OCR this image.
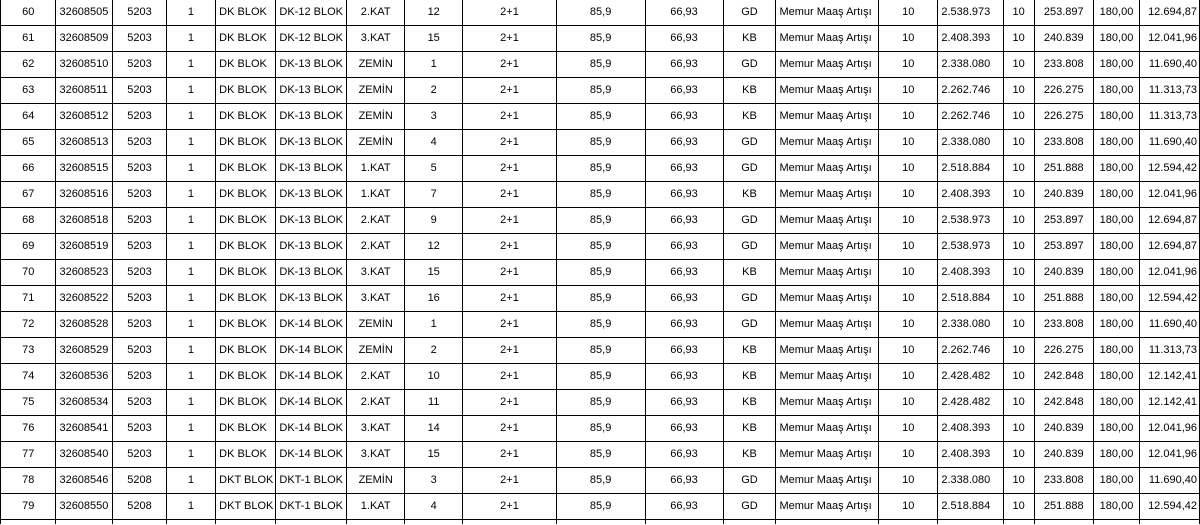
60	32608505	5203	1	DK BLOK	DK-12 BLOK	2.KAT	12	2+1	85,9	66,93	GD	Memur Maaş Artışı	10	2.538.973	10	253.897	180,00	12.694,87
61	32608509	5203	1	DK BLOK	DK-12 BLOK	3.KAT	15	2+1	85,9	66,93	KB	Memur Maaş Artışı	10	2.408.393	10	240.839	180,00	12.041,96
62	32608510	5203	1	DK BLOK	DK-13 BLOK	ZEMİN	1	2+1	85,9	66,93	GD	Memur Maaş Artışı	10	2.338.080	10	233.808	180,00	11.690,40
63	32608511	5203	1	DK BLOK	DK-13 BLOK	ZEMİN	2	2+1	85,9	66,93	KB	Memur Maaş Artışı	10	2.262.746	10	226.275	180,00	11.313,73
64	32608512	5203	1	DK BLOK	DK-13 BLOK	ZEMİN	3	2+1	85,9	66,93	KB	Memur Maaş Artışı	10	2.262.746	10	226.275	180,00	11.313,73
65	32608513	5203	1	DK BLOK	DK-13 BLOK	ZEMİN	4	2+1	85,9	66,93	GD	Memur Maaş Artışı	10	2.338.080	10	233.808	180,00	11.690,40
66	32608515	5203	1	DK BLOK	DK-13 BLOK	1.KAT	5	2+1	85,9	66,93	GD	Memur Maaş Artışı	10	2.518.884	10	251.888	180,00	12.594,42
67	32608516	5203	1	DK BLOK	DK-13 BLOK	1.KAT	7	2+1	85,9	66,93	KB	Memur Maaş Artışı	10	2.408.393	10	240.839	180,00	12.041,96
68	32608518	5203	1	DK BLOK	DK-13 BLOK	2.KAT	9	2+1	85,9	66,93	GD	Memur Maaş Artışı	10	2.538.973	10	253.897	180,00	12.694,87
69	32608519	5203	1	DK BLOK	DK-13 BLOK	2.KAT	12	2+1	85,9	66,93	GD	Memur Maaş Artışı	10	2.538.973	10	253.897	180,00	12.694,87
70	32608523	5203	1	DK BLOK	DK-13 BLOK	3.KAT	15	2+1	85,9	66,93	KB	Memur Maaş Artışı	10	2.408.393	10	240.839	180,00	12.041,96
71	32608522	5203	1	DK BLOK	DK-13 BLOK	3.KAT	16	2+1	85,9	66,93	GD	Memur Maaş Artışı	10	2.518.884	10	251.888	180,00	12.594,42
72	32608528	5203	1	DK BLOK	DK-14 BLOK	ZEMİN	1	2+1	85,9	66,93	GD	Memur Maaş Artışı	10	2.338.080	10	233.808	180,00	11.690,40
73	32608529	5203	1	DK BLOK	DK-14 BLOK	ZEMİN	2	2+1	85,9	66,93	KB	Memur Maaş Artışı	10	2.262.746	10	226.275	180,00	11.313,73
74	32608536	5203	1	DK BLOK	DK-14 BLOK	2.KAT	10	2+1	85,9	66,93	KB	Memur Maaş Artışı	10	2.428.482	10	242.848	180,00	12.142,41
75	32608534	5203	1	DK BLOK	DK-14 BLOK	2.KAT	11	2+1	85,9	66,93	KB	Memur Maaş Artışı	10	2.428.482	10	242.848	180,00	12.142,41
76	32608541	5203	1	DK BLOK	DK-14 BLOK	3.KAT	14	2+1	85,9	66,93	KB	Memur Maaş Artışı	10	2.408.393	10	240.839	180,00	12.041,96
77	32608540	5203	1	DK BLOK	DK-14 BLOK	3.KAT	15	2+1	85,9	66,93	KB	Memur Maaş Artışı	10	2.408.393	10	240.839	180,00	12.041,96
78	32608546	5208	1	DKT BLOK	DKT-1 BLOK	ZEMİN	3	2+1	85,9	66,93	GD	Memur Maaş Artışı	10	2.338.080	10	233.808	180,00	11.690,40
79	32608550	5208	1	DKT BLOK	DKT-1 BLOK	1.KAT	4	2+1	85,9	66,93	GD	Memur Maaş Artışı	10	2.518.884	10	251.888	180,00	12.594,42
